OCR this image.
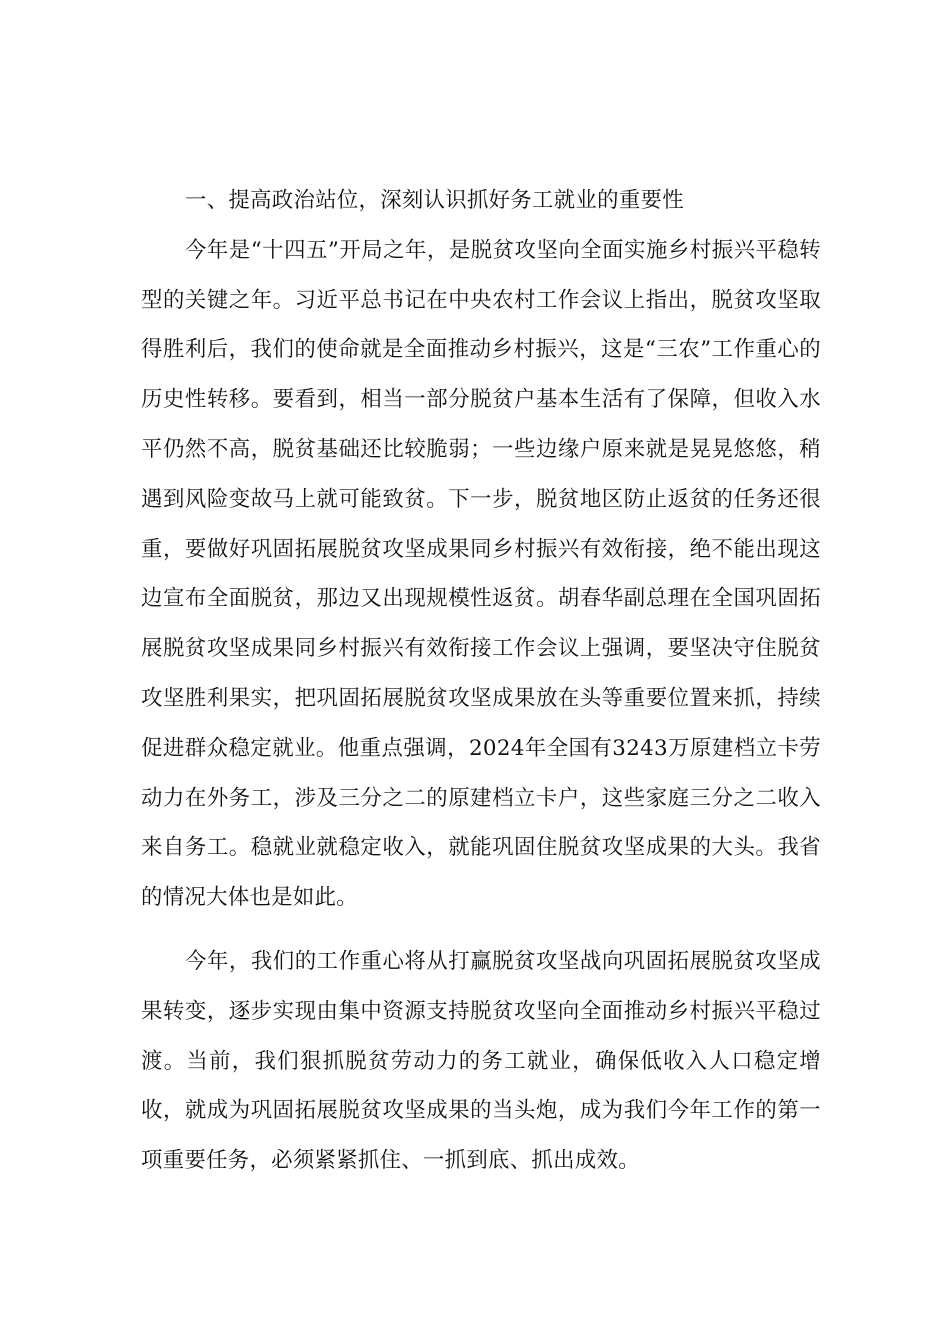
一、提高政治站位，深刻认识抓好务工就业的重要性

今年是“十四五”开局之年，是脱贫攻坚向全面实施乡村振兴平稳转型的关键之年。习近平总书记在中央农村工作会议上指出，脱贫攻坚取得胜利后，我们的使命就是全面推动乡村振兴，这是“三农”工作重心的历史性转移。要看到，相当一部分脱贫户基本生活有了保障，但收入水平仍然不高，脱贫基础还比较脆弱；一些边缘户原来就是晃晃悠悠，稍遇到风险变故马上就可能致贫。下一步，脱贫地区防止返贫的任务还很重，要做好巩固拓展脱贫攻坚成果同乡村振兴有效衔接，绝不能出现这边宣布全面脱贫，那边又出现规模性返贫。胡春华副总理在全国巩固拓展脱贫攻坚成果同乡村振兴有效衔接工作会议上强调，要坚决守住脱贫攻坚胜利果实，把巩固拓展脱贫攻坚成果放在头等重要位置来抓，持续促进群众稳定就业。他重点强调，2024年全国有3243万原建档立卡劳动力在外务工，涉及三分之二的原建档立卡户，这些家庭三分之二收入来自务工。稳就业就稳定收入，就能巩固住脱贫攻坚成果的大头。我省的情况大体也是如此。

今年，我们的工作重心将从打赢脱贫攻坚战向巩固拓展脱贫攻坚成果转变，逐步实现由集中资源支持脱贫攻坚向全面推动乡村振兴平稳过渡。当前，我们狠抓脱贫劳动力的务工就业，确保低收入人口稳定增收，就成为巩固拓展脱贫攻坚成果的当头炮，成为我们今年工作的第一项重要任务，必须紧紧抓住、一抓到底、抓出成效。
